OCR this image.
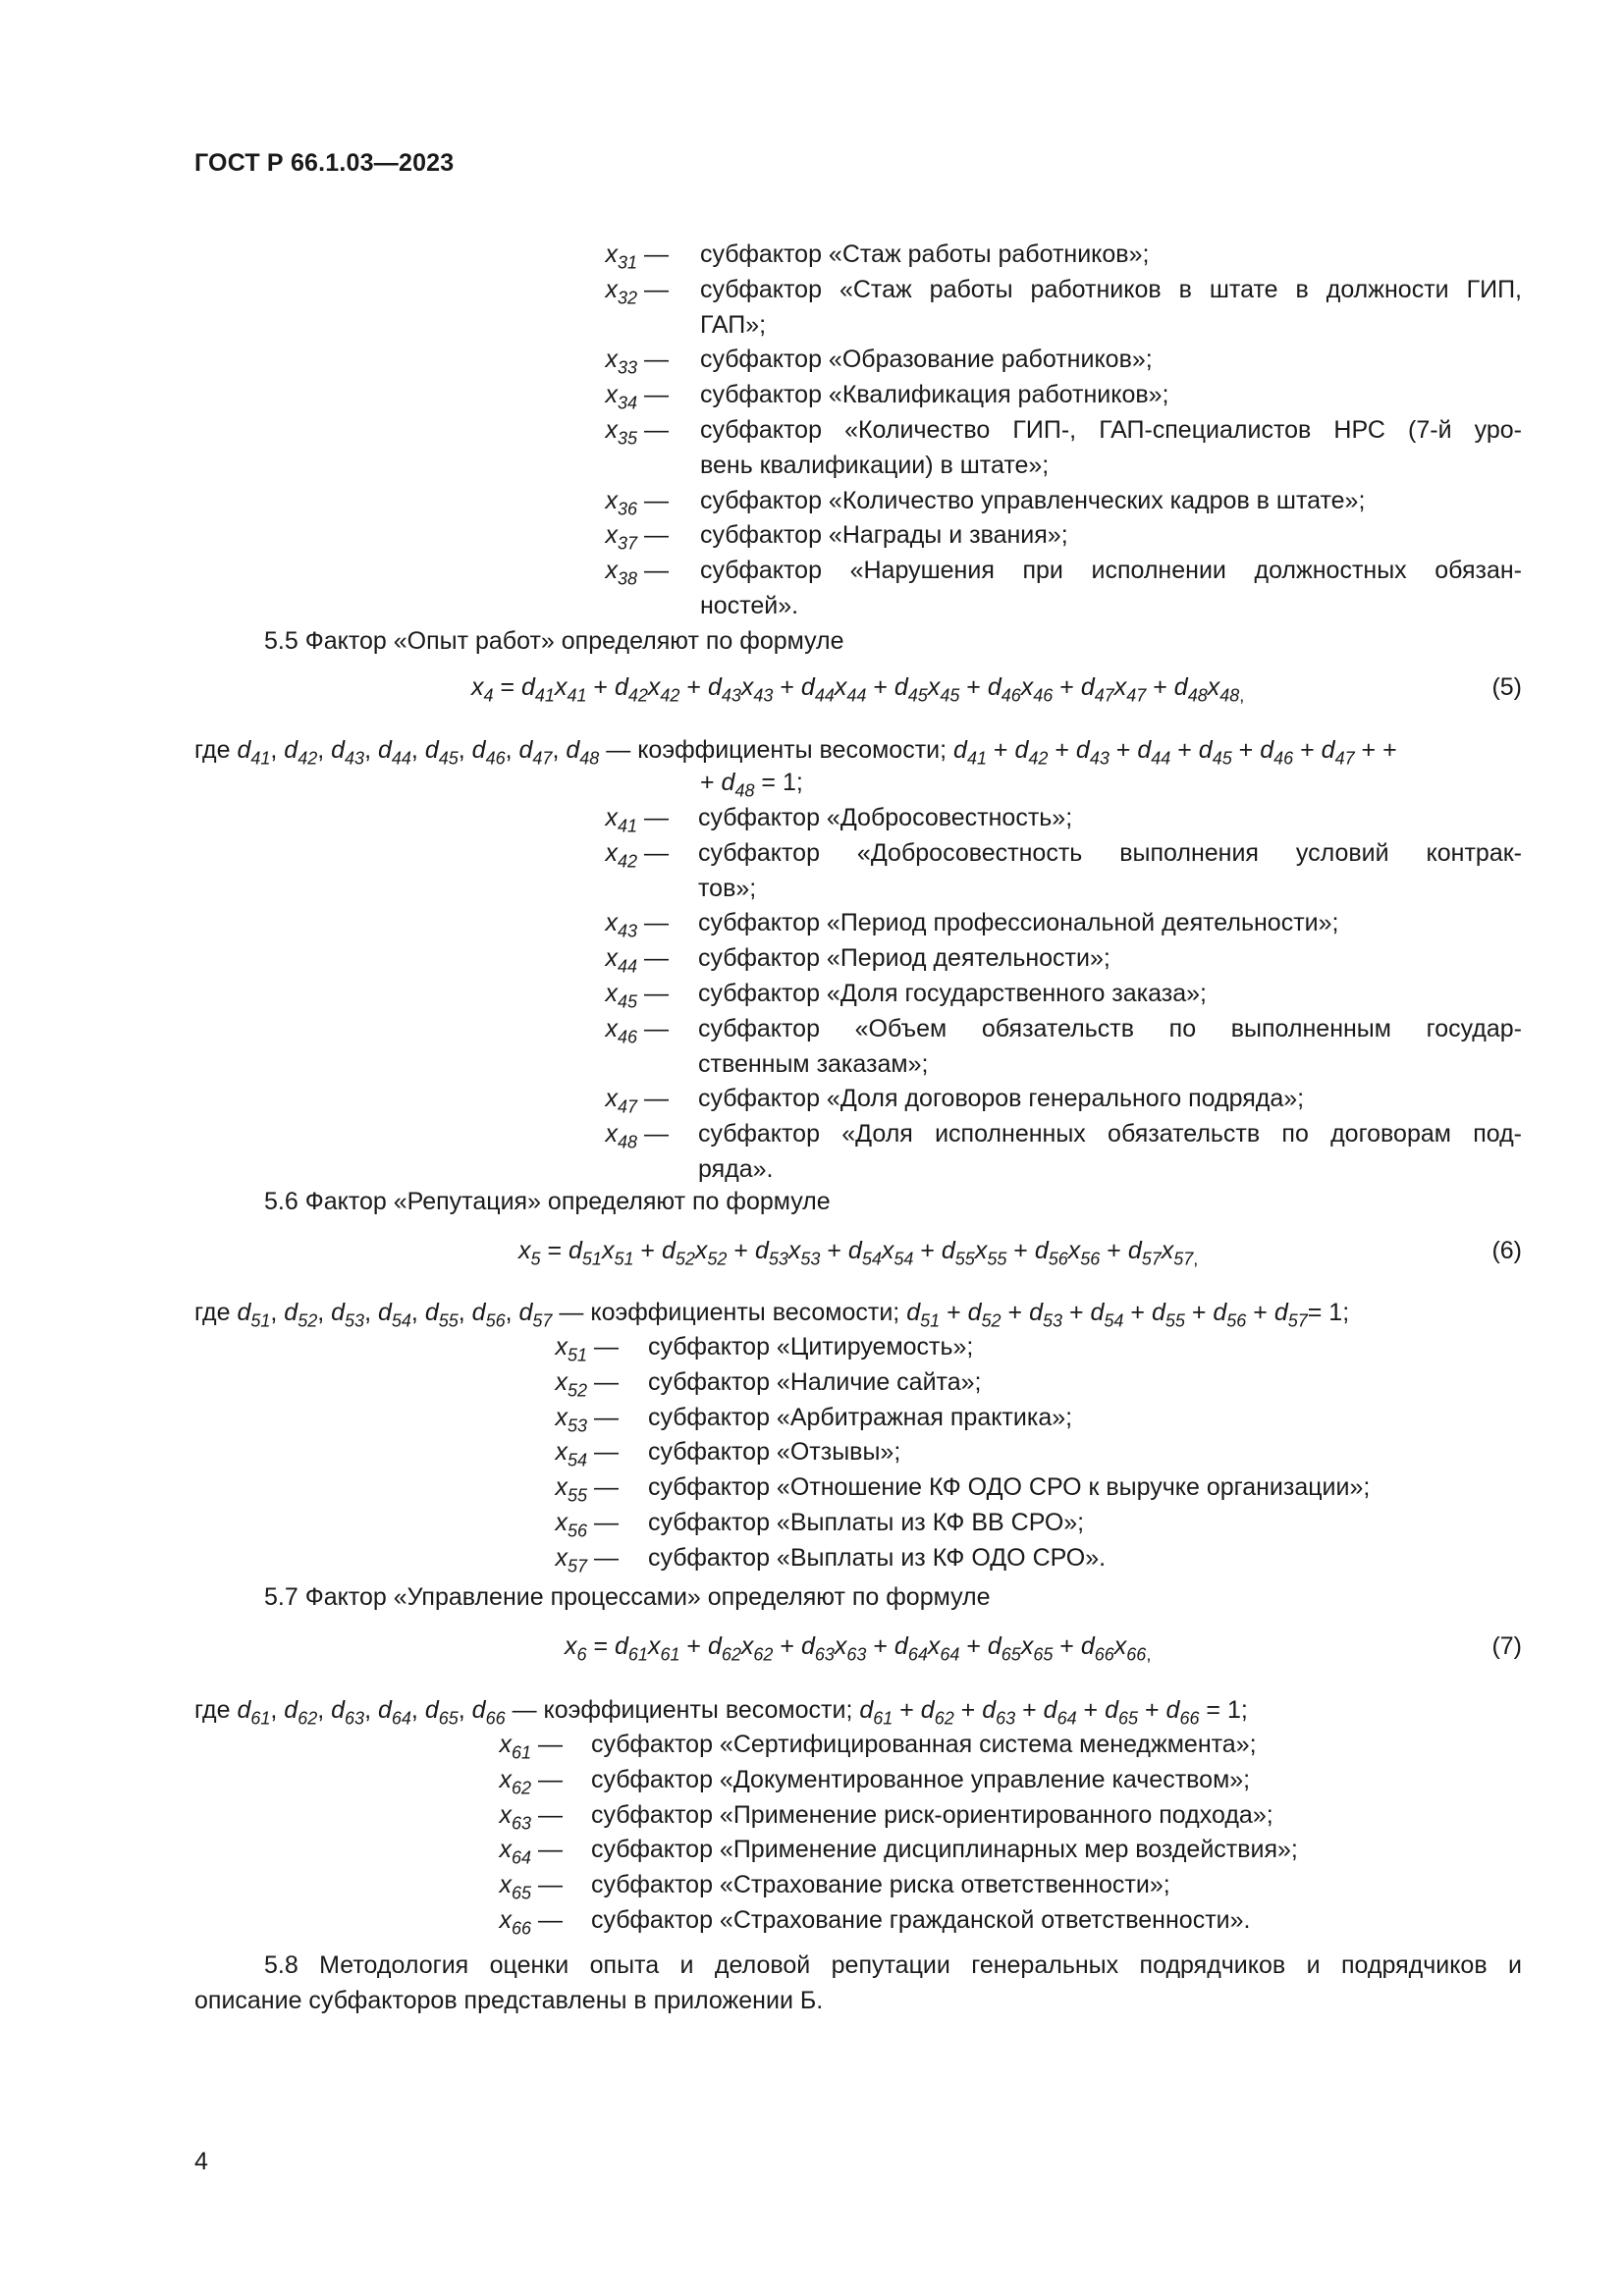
ГОСТ Р 66.1.03—2023
$x_{31}$ — субфактор «Стаж работы работников»;
$x_{32}$ — субфактор «Стаж работы работников в штате в должности ГИП,
ГАП»;
$x_{33}$ — субфактор «Образование работников»;
$x_{34}$ — субфактор «Квалификация работников»;
$x_{35}$ — субфактор «Количество ГИП-, ГАП-специалистов НРС (7-й уро-
вень квалификации) в штате»;
$x_{36}$ — субфактор «Количество управленческих кадров в штате»;
$x_{37}$ — субфактор «Награды и звания»;
$x_{38}$ — субфактор «Нарушения при исполнении должностных обязан-
ностей».
5.5 Фактор «Опыт работ» определяют по формуле
$x_4 = d_{41}x_{41} + d_{42}x_{42} + d_{43}x_{43} + d_{44}x_{44} + d_{45}x_{45} + d_{46}x_{46} + d_{47}x_{47} + d_{48}x_{48,}$	(5)
где $d_{41}$, $d_{42}$, $d_{43}$, $d_{44}$, $d_{45}$, $d_{46}$, $d_{47}$, $d_{48}$ — коэффициенты весомости; $d_{41} + d_{42} + d_{43} + d_{44} + d_{45} + d_{46} + d_{47}$ + +
+ $d_{48} = 1$;
$x_{41}$ — субфактор «Добросовестность»;
$x_{42}$ — субфактор «Добросовестность выполнения условий контрак-
тов»;
$x_{43}$ — субфактор «Период профессиональной деятельности»;
$x_{44}$ — субфактор «Период деятельности»;
$x_{45}$ — субфактор «Доля государственного заказа»;
$x_{46}$ — субфактор «Объем обязательств по выполненным государ-
ственным заказам»;
$x_{47}$ — субфактор «Доля договоров генерального подряда»;
$x_{48}$ — субфактор «Доля исполненных обязательств по договорам под-
ряда».
5.6 Фактор «Репутация» определяют по формуле
$x_5 = d_{51}x_{51} + d_{52}x_{52} + d_{53}x_{53} + d_{54}x_{54} + d_{55}x_{55} + d_{56}x_{56} + d_{57}x_{57,}$	(6)
где $d_{51}$, $d_{52}$, $d_{53}$, $d_{54}$, $d_{55}$, $d_{56}$, $d_{57}$ — коэффициенты весомости; $d_{51} + d_{52} + d_{53} + d_{54} + d_{55} + d_{56} + d_{57}= 1$;
$x_{51}$ — субфактор «Цитируемость»;
$x_{52}$ — субфактор «Наличие сайта»;
$x_{53}$ — субфактор «Арбитражная практика»;
$x_{54}$ — субфактор «Отзывы»;
$x_{55}$ — субфактор «Отношение КФ ОДО СРО к выручке организации»;
$x_{56}$ — субфактор «Выплаты из КФ ВВ СРО»;
$x_{57}$ — субфактор «Выплаты из КФ ОДО СРО».
5.7 Фактор «Управление процессами» определяют по формуле
$x_6 = d_{61}x_{61} + d_{62}x_{62} + d_{63}x_{63} + d_{64}x_{64} + d_{65}x_{65} + d_{66}x_{66,}$	(7)
где $d_{61}$, $d_{62}$, $d_{63}$, $d_{64}$, $d_{65}$, $d_{66}$ — коэффициенты весомости; $d_{61} + d_{62} + d_{63} + d_{64} + d_{65} + d_{66} = 1$;
$x_{61}$ — субфактор «Сертифицированная система менеджмента»;
$x_{62}$ — субфактор «Документированное управление качеством»;
$x_{63}$ — субфактор «Применение риск-ориентированного подхода»;
$x_{64}$ — субфактор «Применение дисциплинарных мер воздействия»;
$x_{65}$ — субфактор «Страхование риска ответственности»;
$x_{66}$ — субфактор «Страхование гражданской ответственности».
5.8 Методология оценки опыта и деловой репутации генеральных подрядчиков и подрядчиков и
описание субфакторов представлены в приложении Б.
4
